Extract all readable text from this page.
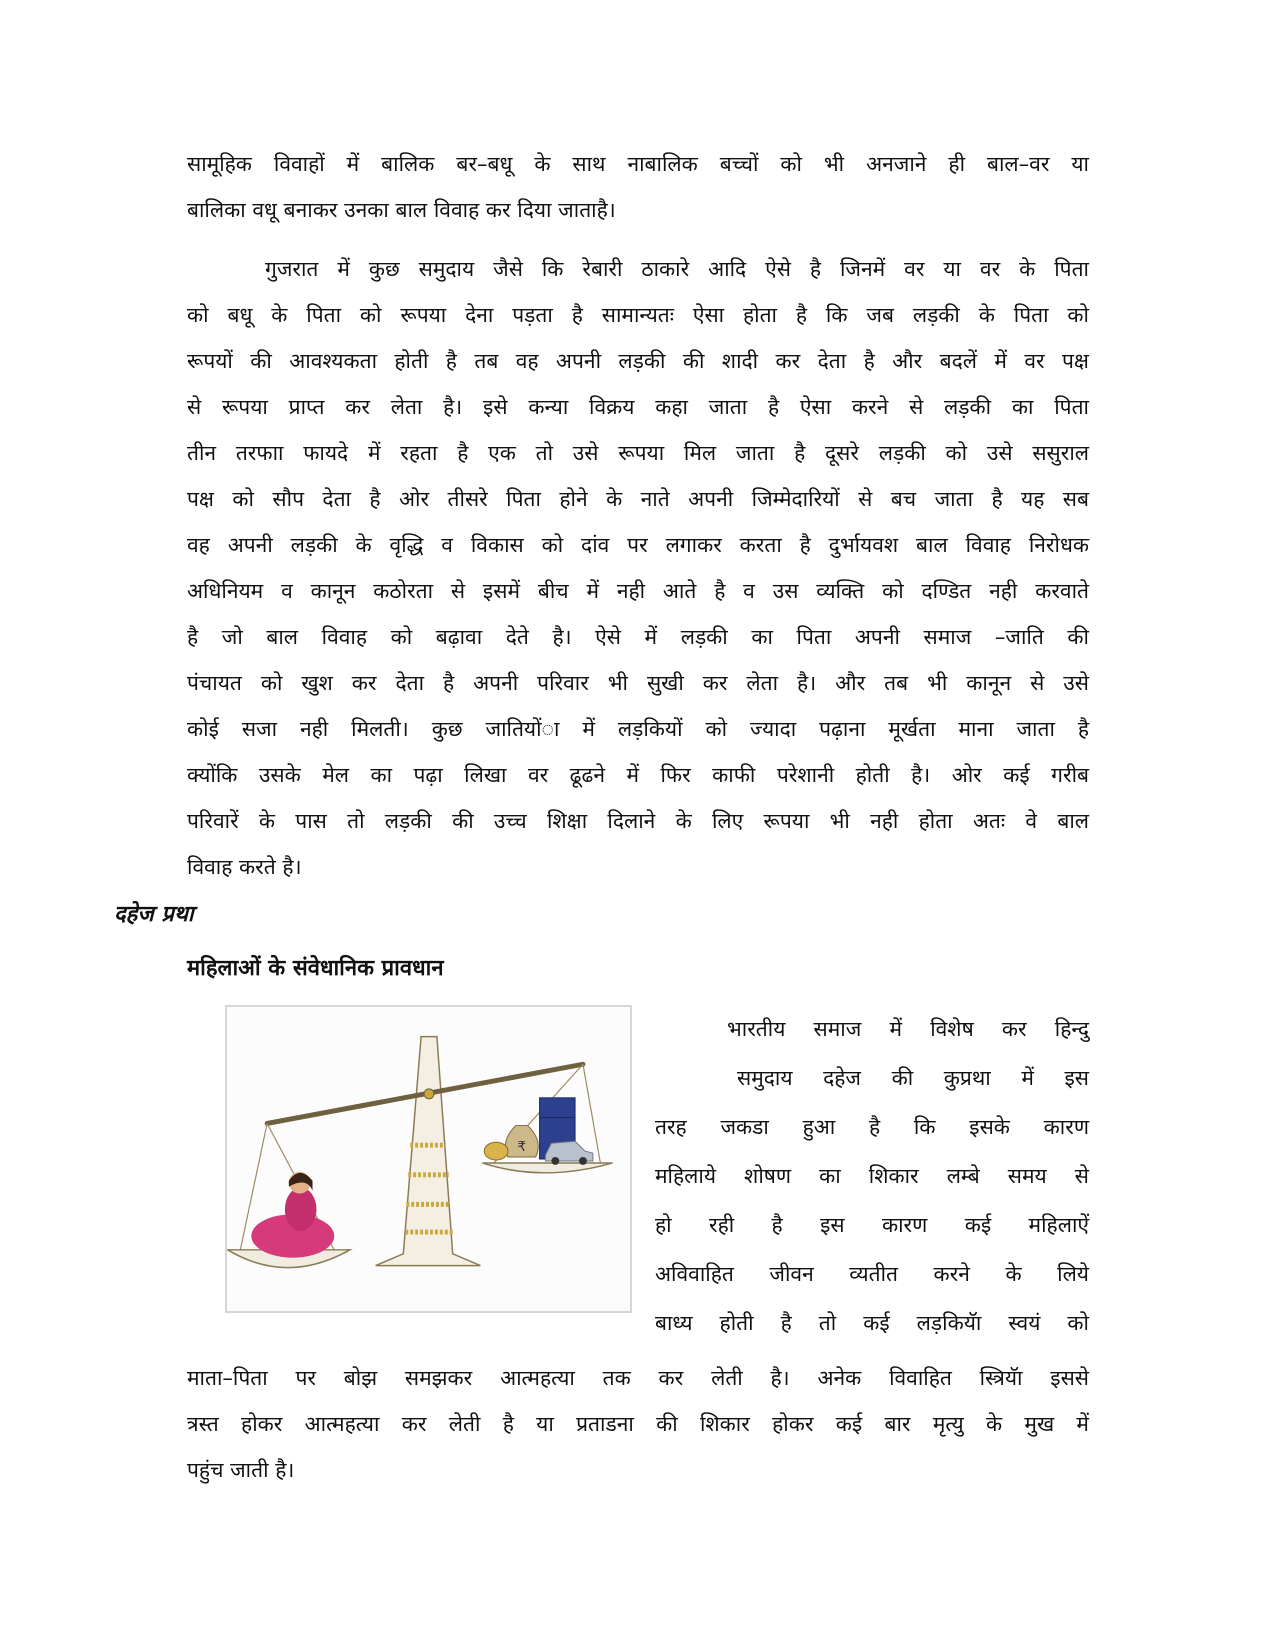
सामूहिक विवाहों में बालिक बर–बधू के साथ नाबालिक बच्चों को भी अनजाने ही बाल–वर या
बालिका वधू बनाकर उनका बाल विवाह कर दिया जाताहै।

गुजरात में कुछ समुदाय जैसे कि रेबारी ठाकारे आदि ऐसे है जिनमें वर या वर के पिता
को बधू के पिता को रूपया देना पड़ता है सामान्यतः ऐसा होता है कि जब लड़की के पिता को
रूपयों की आवश्यकता होती है तब वह अपनी लड़की की शादी कर देता है और बदलें में वर पक्ष
से रूपया प्राप्त कर लेता है। इसे कन्या विक्रय कहा जाता है ऐसा करने से लड़की का पिता
तीन तरफाा फायदे में रहता है एक तो उसे रूपया मिल जाता है दूसरे लड़की को उसे ससुराल
पक्ष को सौप देता है ओर तीसरे पिता होने के नाते अपनी जिम्मेदारियों से बच जाता है यह सब
वह अपनी लड़की के वृद्धि व विकास को दांव पर लगाकर करता है दुर्भायवश बाल विवाह निरोधक
अधिनियम व कानून कठोरता से इसमें बीच में नही आते है व उस व्यक्ति को दण्डित नही करवाते
है जो बाल विवाह को बढ़ावा देते है। ऐसे में लड़की का पिता अपनी समाज –जाति की
पंचायत को खुश कर देता है अपनी परिवार भी सुखी कर लेता है। और तब भी कानून से उसे
कोई सजा नही मिलती। कुछ जातियोंा में लड़कियों को ज्यादा पढ़ाना मूर्खता माना जाता है
क्योंकि उसके मेल का पढ़ा लिखा वर ढूढने में फिर काफी परेशानी होती है। ओर कई गरीब
परिवारें के पास तो लड़की की उच्च शिक्षा दिलाने के लिए रूपया भी नही होता अतः वे बाल
विवाह करते है।

दहेज प्रथा
महिलाओं के संवेधानिक प्रावधान
₹

भारतीय समाज में विशेष कर हिन्दु
समुदाय दहेज की कुप्रथा में इस
तरह जकडा हुआ है कि इसके कारण
महिलाये शोषण का शिकार लम्बे समय से
हो रही है इस कारण कई महिलाऐं
अविवाहित जीवन व्यतीत करने के लिये
बाध्य होती है तो कई लड़कियॅा स्वयं को

माता–पिता पर बोझ समझकर आत्महत्या तक कर लेती है। अनेक विवाहित स्त्रियॅा इससे
त्रस्त होकर आत्महत्या कर लेती है या प्रताडना की शिकार होकर कई बार मृत्यु के मुख में
पहुंच जाती है।
